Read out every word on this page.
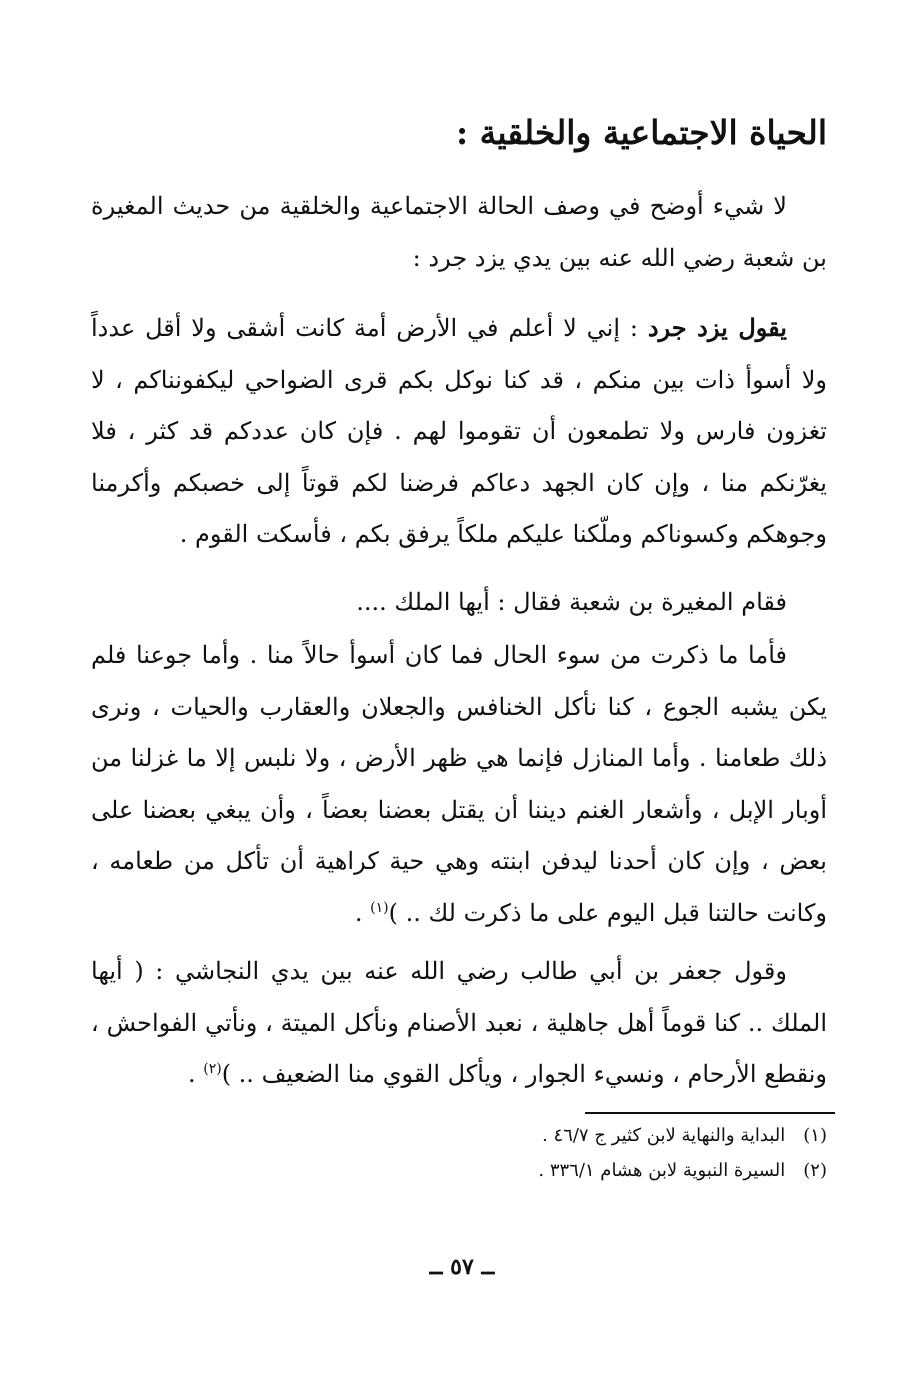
الحياة الاجتماعية والخلقية :

لا شيء أوضح في وصف الحالة الاجتماعية والخلقية من حديث المغيرة بن شعبة رضي الله عنه بين يدي يزد جرد :

يقول يزد جرد : إني لا أعلم في الأرض أمة كانت أشقى ولا أقل عدداً ولا أسوأ ذات بين منكم ، قد كنا نوكل بكم قرى الضواحي ليكفونناكم ، لا تغزون فارس ولا تطمعون أن تقوموا لهم . فإن كان عددكم قد كثر ، فلا يغرّنكم منا ، وإن كان الجهد دعاكم فرضنا لكم قوتاً إلى خصبكم وأكرمنا وجوهكم وكسوناكم وملّكنا عليكم ملكاً يرفق بكم ، فأسكت القوم .

فقام المغيرة بن شعبة فقال : أيها الملك ....

فأما ما ذكرت من سوء الحال فما كان أسوأ حالاً منا . وأما جوعنا فلم يكن يشبه الجوع ، كنا نأكل الخنافس والجعلان والعقارب والحيات ، ونرى ذلك طعامنا . وأما المنازل فإنما هي ظهر الأرض ، ولا نلبس إلا ما غزلنا من أوبار الإبل ، وأشعار الغنم ديننا أن يقتل بعضنا بعضاً ، وأن يبغي بعضنا على بعض ، وإن كان أحدنا ليدفن ابنته وهي حية كراهية أن تأكل من طعامه ، وكانت حالتنا قبل اليوم على ما ذكرت لك .. )$^{(١)}$ .

وقول جعفر بن أبي طالب رضي الله عنه بين يدي النجاشي : ( أيها الملك .. كنا قوماً أهل جاهلية ، نعبد الأصنام ونأكل الميتة ، ونأتي الفواحش ، ونقطع الأرحام ، ونسيء الجوار ، ويأكل القوي منا الضعيف .. )$^{(٢)}$ .

(١)البداية والنهاية لابن كثير ج ٤٦/٧ .
(٢)السيرة النبوية لابن هشام ٣٣٦/١ .
ــ ٥٧ ــ
